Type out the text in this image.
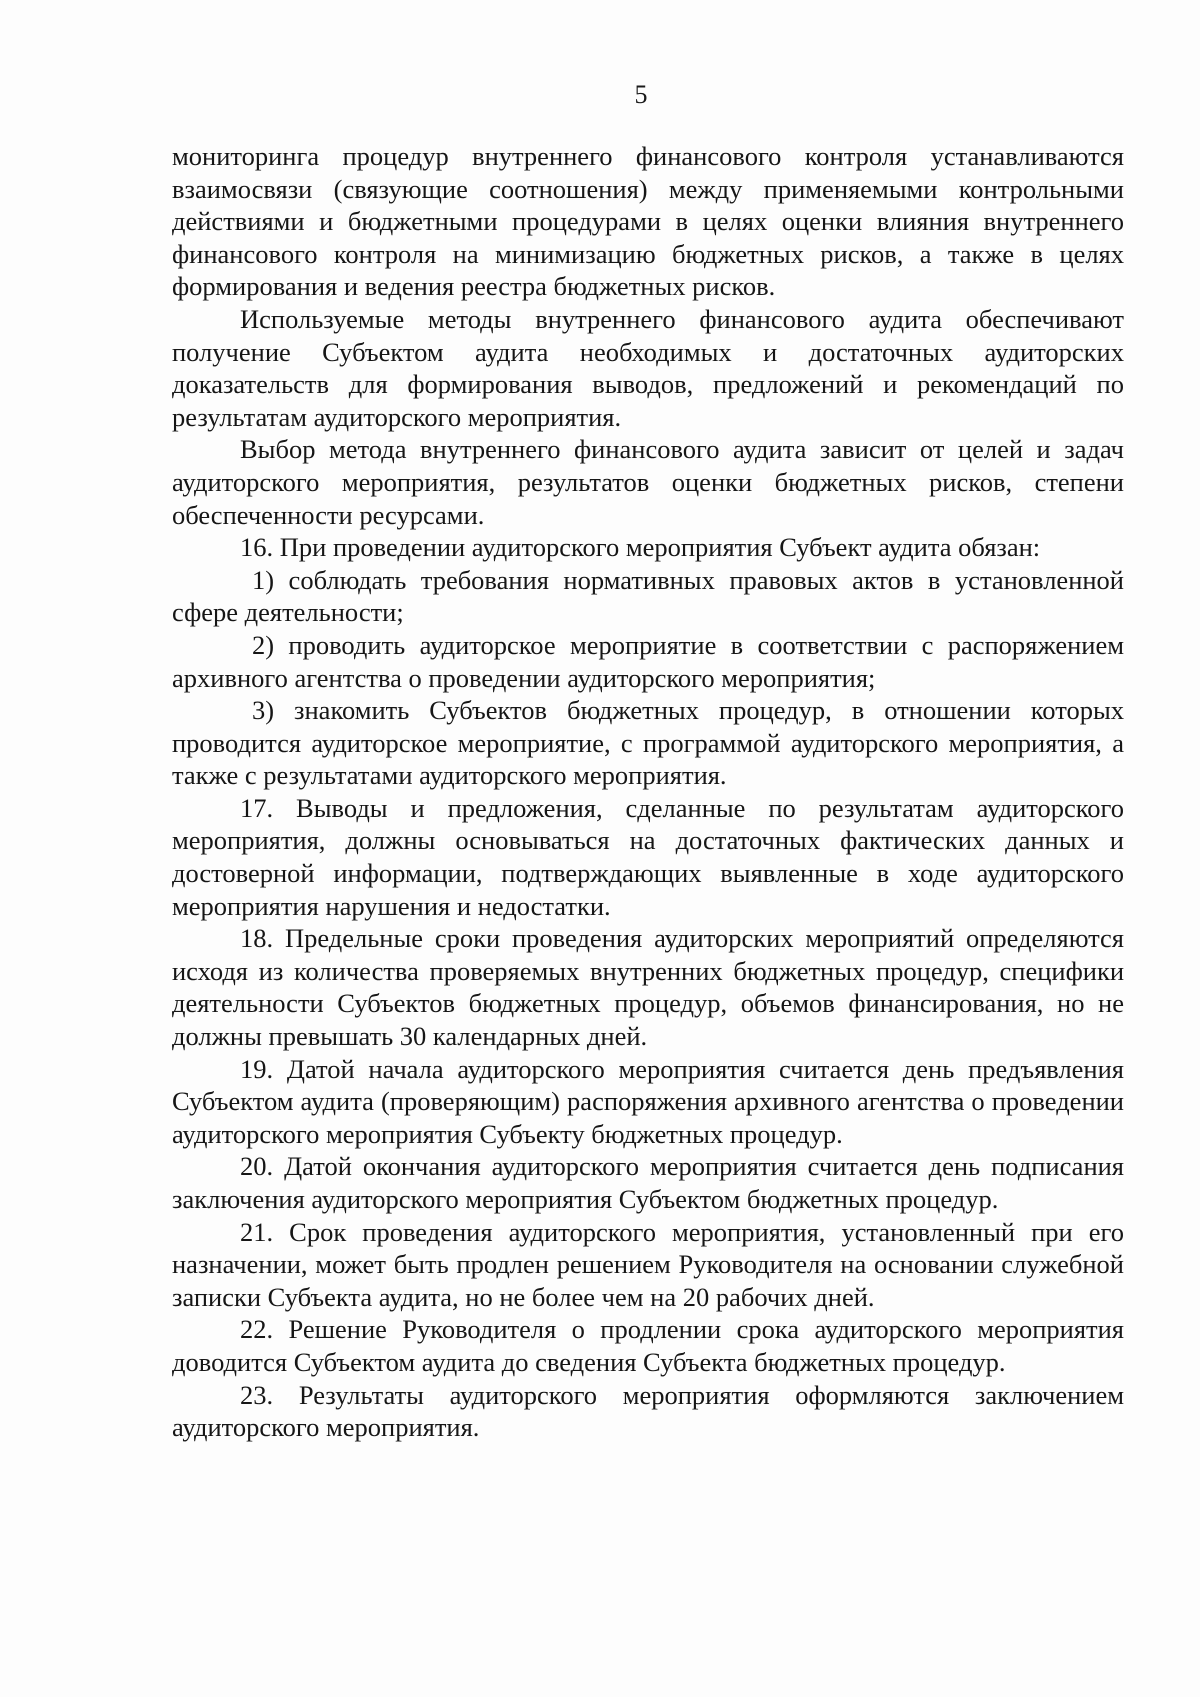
5

мониторинга процедур внутреннего финансового контроля устанавливаются взаимосвязи (связующие соотношения) между применяемыми контрольными действиями и бюджетными процедурами в целях оценки влияния внутреннего финансового контроля на минимизацию бюджетных рисков, а также в целях формирования и ведения реестра бюджетных рисков.

Используемые методы внутреннего финансового аудита обеспечивают получение Субъектом аудита необходимых и достаточных аудиторских доказательств для формирования выводов, предложений и рекомендаций по результатам аудиторского мероприятия.

Выбор метода внутреннего финансового аудита зависит от целей и задач аудиторского мероприятия, результатов оценки бюджетных рисков, степени обеспеченности ресурсами.

16. При проведении аудиторского мероприятия Субъект аудита обязан:

1) соблюдать требования нормативных правовых актов в установленной сфере деятельности;

2) проводить аудиторское мероприятие в соответствии с распоряжением архивного агентства о проведении аудиторского мероприятия;

3) знакомить Субъектов бюджетных процедур, в отношении которых проводится аудиторское мероприятие, с программой аудиторского мероприятия, а также с результатами аудиторского мероприятия.

17. Выводы и предложения, сделанные по результатам аудиторского мероприятия, должны основываться на достаточных фактических данных и достоверной информации, подтверждающих выявленные в ходе аудиторского мероприятия нарушения и недостатки.

18. Предельные сроки проведения аудиторских мероприятий определяются исходя из количества проверяемых внутренних бюджетных процедур, специфики деятельности Субъектов бюджетных процедур, объемов финансирования, но не должны превышать 30 календарных дней.

19. Датой начала аудиторского мероприятия считается день предъявления Субъектом аудита (проверяющим) распоряжения архивного агентства о проведении аудиторского мероприятия Субъекту бюджетных процедур.

20. Датой окончания аудиторского мероприятия считается день подписания заключения аудиторского мероприятия Субъектом бюджетных процедур.

21. Срок проведения аудиторского мероприятия, установленный при его назначении, может быть продлен решением Руководителя на основании служебной записки Субъекта аудита, но не более чем на 20 рабочих дней.

22. Решение Руководителя о продлении срока аудиторского мероприятия доводится Субъектом аудита до сведения Субъекта бюджетных процедур.

23. Результаты аудиторского мероприятия оформляются заключением аудиторского мероприятия.
